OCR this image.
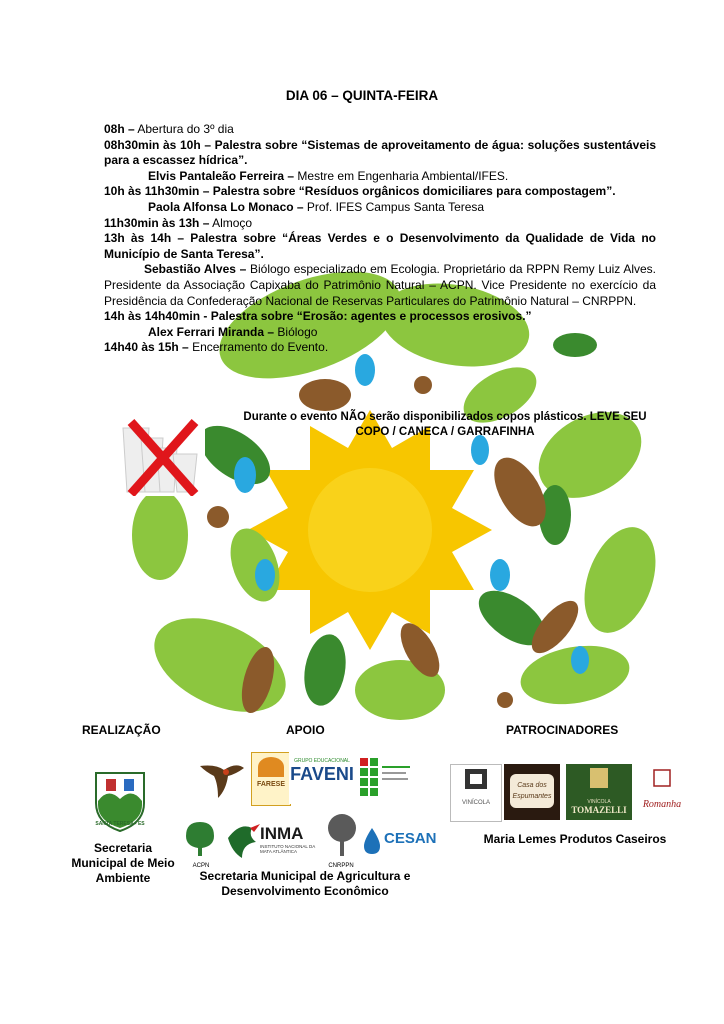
DIA 06 – QUINTA-FEIRA

08h – Abertura do 3º dia

08h30min às 10h – Palestra sobre “Sistemas de aproveitamento de água: soluções sustentáveis para a escassez hídrica”.

Elvis Pantaleão Ferreira – Mestre em Engenharia Ambiental/IFES.

10h às 11h30min – Palestra sobre “Resíduos orgânicos domiciliares para compostagem”.

Paola Alfonsa Lo Monaco – Prof. IFES Campus Santa Teresa

11h30min às 13h – Almoço

13h às 14h – Palestra sobre “Áreas Verdes e o Desenvolvimento da Qualidade de Vida no Município de Santa Teresa”.

Sebastião Alves – Biólogo especializado em Ecologia. Proprietário da RPPN Remy Luiz Alves. Presidente da Associação Capixaba do Patrimônio Natural – ACPN. Vice Presidente no exercício da Presidência da Confederação Nacional de Reservas Particulares do Patrimônio Natural – CNRPPN.

14h às 14h40min - Palestra sobre “Erosão: agentes e processos erosivos.”

Alex Ferrari Miranda – Biólogo

14h40 às 15h – Encerramento do Evento.

Durante o evento NÃO serão disponibilizados copos plásticos. LEVE SEU COPO / CANECA / GARRAFINHA
REALIZAÇÃO	APOIO	PATROCINADORES
SANTA TERESA - ES
Secretaria Municipal de Meio Ambiente
FARESE
GRUPO EDUCACIONAL
FAVENI
ACPN
INMA
INSTITUTO NACIONAL DA MATA ATLÂNTICA
CNRPPN
CESAN
Secretaria Municipal de Agricultura e Desenvolvimento Econômico
VINÍCOLA
Casa dos Espumantes
VINÍCOLA
TOMAZELLI	Romanha
Maria Lemes Produtos Caseiros
